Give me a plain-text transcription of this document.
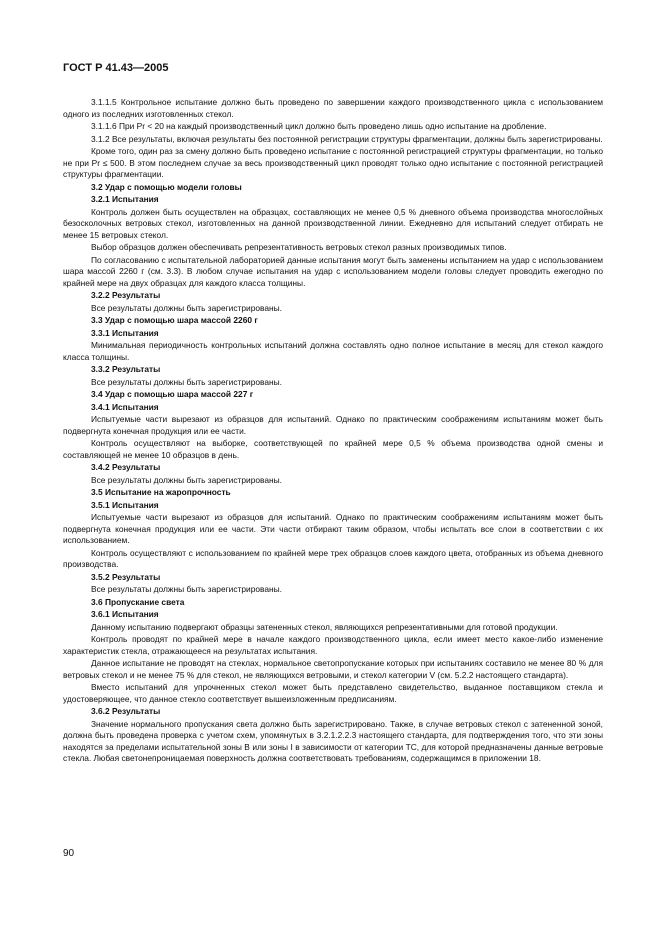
ГОСТ Р 41.43—2005

3.1.1.5 Контрольное испытание должно быть проведено по завершении каждого производственного цикла с использованием одного из последних изготовленных стекол.

3.1.1.6 При Pr < 20 на каждый производственный цикл должно быть проведено лишь одно испытание на дробление.

3.1.2 Все результаты, включая результаты без постоянной регистрации структуры фрагментации, должны быть зарегистрированы.

Кроме того, один раз за смену должно быть проведено испытание с постоянной регистрацией структуры фрагментации, но только не при Pr ≤ 500. В этом последнем случае за весь производственный цикл проводят только одно испытание с постоянной регистрацией структуры фрагментации.

3.2 Удар с помощью модели головы
3.2.1 Испытания

Контроль должен быть осуществлен на образцах, составляющих не менее 0,5 % дневного объема производства многослойных безосколочных ветровых стекол, изготовленных на данной производственной линии. Ежедневно для испытаний следует отбирать не менее 15 ветровых стекол.

Выбор образцов должен обеспечивать репрезентативность ветровых стекол разных производимых типов.

По согласованию с испытательной лабораторией данные испытания могут быть заменены испытанием на удар с использованием шара массой 2260 г (см. 3.3). В любом случае испытания на удар с использованием модели головы следует проводить ежегодно по крайней мере на двух образцах для каждого класса толщины.

3.2.2 Результаты

Все результаты должны быть зарегистрированы.

3.3 Удар с помощью шара массой 2260 г
3.3.1 Испытания

Минимальная периодичность контрольных испытаний должна составлять одно полное испытание в месяц для стекол каждого класса толщины.

3.3.2 Результаты

Все результаты должны быть зарегистрированы.

3.4 Удар с помощью шара массой 227 г
3.4.1 Испытания

Испытуемые части вырезают из образцов для испытаний. Однако по практическим соображениям испытаниям может быть подвергнута конечная продукция или ее части.

Контроль осуществляют на выборке, соответствующей по крайней мере 0,5 % объема производства одной смены и составляющей не менее 10 образцов в день.

3.4.2 Результаты

Все результаты должны быть зарегистрированы.

3.5 Испытание на жаропрочность
3.5.1 Испытания

Испытуемые части вырезают из образцов для испытаний. Однако по практическим соображениям испытаниям может быть подвергнута конечная продукция или ее части. Эти части отбирают таким образом, чтобы испытать все слои в соответствии с их использованием.

Контроль осуществляют с использованием по крайней мере трех образцов слоев каждого цвета, отобранных из объема дневного производства.

3.5.2 Результаты

Все результаты должны быть зарегистрированы.

3.6 Пропускание света
3.6.1 Испытания

Данному испытанию подвергают образцы затененных стекол, являющихся репрезентативными для готовой продукции.

Контроль проводят по крайней мере в начале каждого производственного цикла, если имеет место какое-либо изменение характеристик стекла, отражающееся на результатах испытания.

Данное испытание не проводят на стеклах, нормальное светопропускание которых при испытаниях составило не менее 80 % для ветровых стекол и не менее 75 % для стекол, не являющихся ветровыми, и стекол категории V (см. 5.2.2 настоящего стандарта).

Вместо испытаний для упрочненных стекол может быть представлено свидетельство, выданное поставщиком стекла и удостоверяющее, что данное стекло соответствует вышеизложенным предписаниям.

3.6.2 Результаты

Значение нормального пропускания света должно быть зарегистрировано. Также, в случае ветровых стекол с затененной зоной, должна быть проведена проверка с учетом схем, упомянутых в 3.2.1.2.2.3 настоящего стандарта, для подтверждения того, что эти зоны находятся за пределами испытательной зоны B или зоны I в зависимости от категории ТС, для которой предназначены данные ветровые стекла. Любая светонепроницаемая поверхность должна соответствовать требованиям, содержащимся в приложении 18.

90
